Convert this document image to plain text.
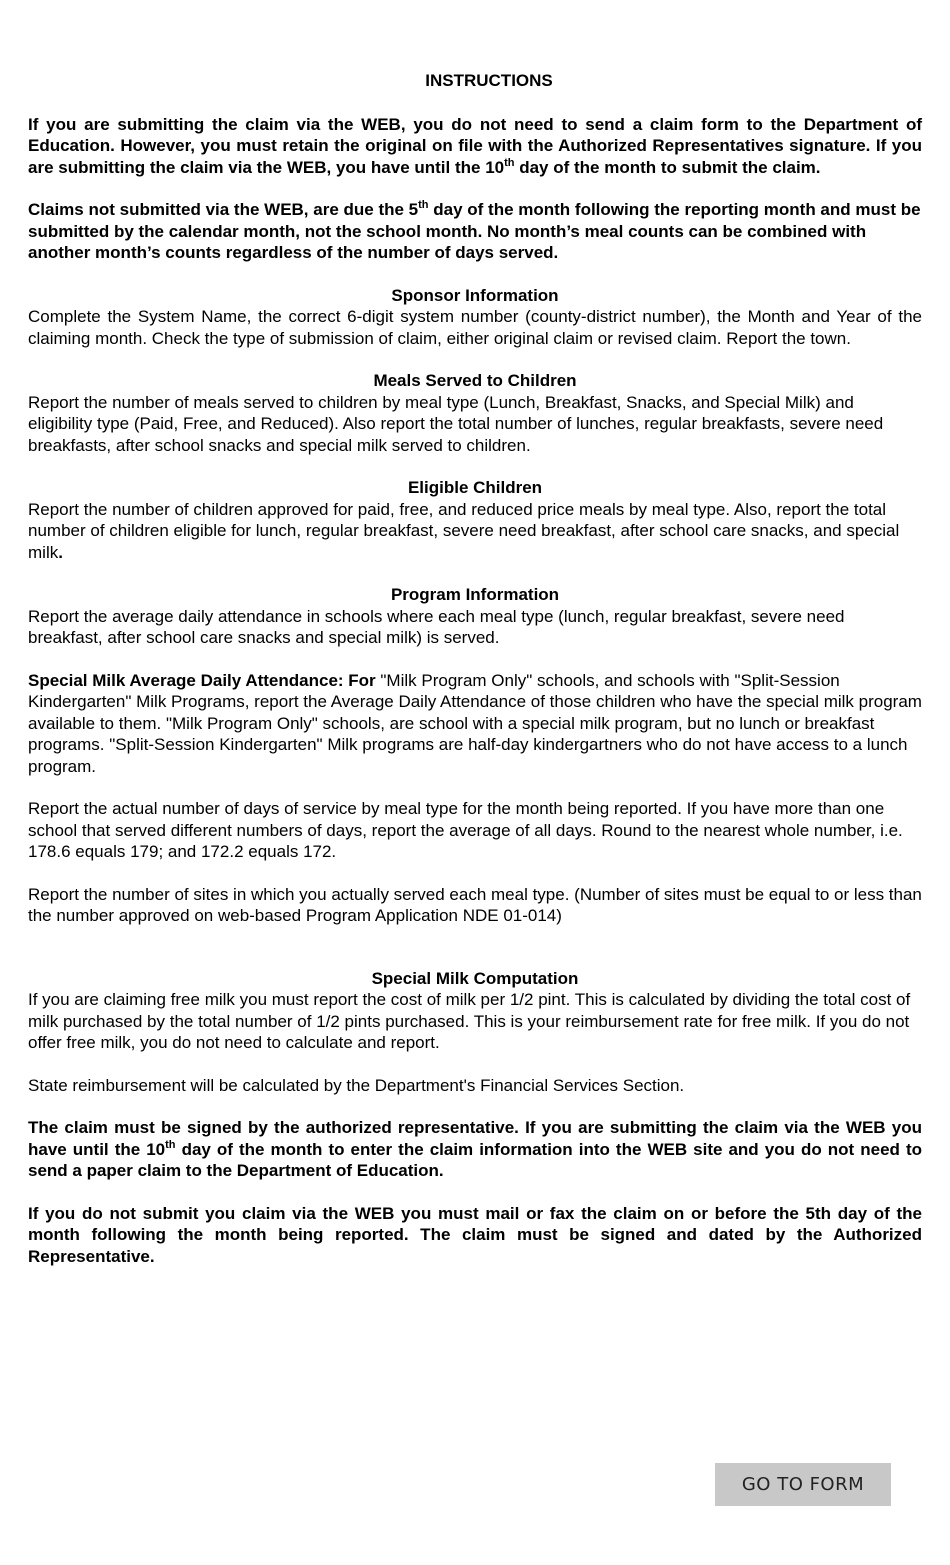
INSTRUCTIONS

If you are submitting the claim via the WEB, you do not need to send a claim form to the Department of Education. However, you must retain the original on file with the Authorized Representatives signature. If you are submitting the claim via the WEB, you have until the 10th day of the month to submit the claim.

Claims not submitted via the WEB, are due the 5th day of the month following the reporting month and must be submitted by the calendar month, not the school month. No month’s meal counts can be combined with another month’s counts regardless of the number of days served.

Sponsor Information

Complete the System Name, the correct 6-digit system number (county-district number), the Month and Year of the claiming month. Check the type of submission of claim, either original claim or revised claim. Report the town.

Meals Served to Children

Report the number of meals served to children by meal type (Lunch, Breakfast, Snacks, and Special Milk) and eligibility type (Paid, Free, and Reduced). Also report the total number of lunches, regular breakfasts, severe need breakfasts, after school snacks and special milk served to children.

Eligible Children

Report the number of children approved for paid, free, and reduced price meals by meal type. Also, report the total number of children eligible for lunch, regular breakfast, severe need breakfast, after school care snacks, and special milk.

Program Information

Report the average daily attendance in schools where each meal type (lunch, regular breakfast, severe need breakfast, after school care snacks and special milk) is served.

Special Milk Average Daily Attendance: For "Milk Program Only" schools, and schools with "Split-Session Kindergarten" Milk Programs, report the Average Daily Attendance of those children who have the special milk program available to them. "Milk Program Only" schools, are school with a special milk program, but no lunch or breakfast programs. "Split-Session Kindergarten" Milk programs are half-day kindergartners who do not have access to a lunch program.

Report the actual number of days of service by meal type for the month being reported. If you have more than one school that served different numbers of days, report the average of all days. Round to the nearest whole number, i.e. 178.6 equals 179; and 172.2 equals 172.

Report the number of sites in which you actually served each meal type. (Number of sites must be equal to or less than the number approved on web-based Program Application NDE 01-014)

Special Milk Computation

If you are claiming free milk you must report the cost of milk per 1/2 pint. This is calculated by dividing the total cost of milk purchased by the total number of 1/2 pints purchased. This is your reimbursement rate for free milk. If you do not offer free milk, you do not need to calculate and report.

State reimbursement will be calculated by the Department's Financial Services Section.

The claim must be signed by the authorized representative. If you are submitting the claim via the WEB you have until the 10th day of the month to enter the claim information into the WEB site and you do not need to send a paper claim to the Department of Education.

If you do not submit you claim via the WEB you must mail or fax the claim on or before the 5th day of the month following the month being reported. The claim must be signed and dated by the Authorized Representative.

GO TO FORM
